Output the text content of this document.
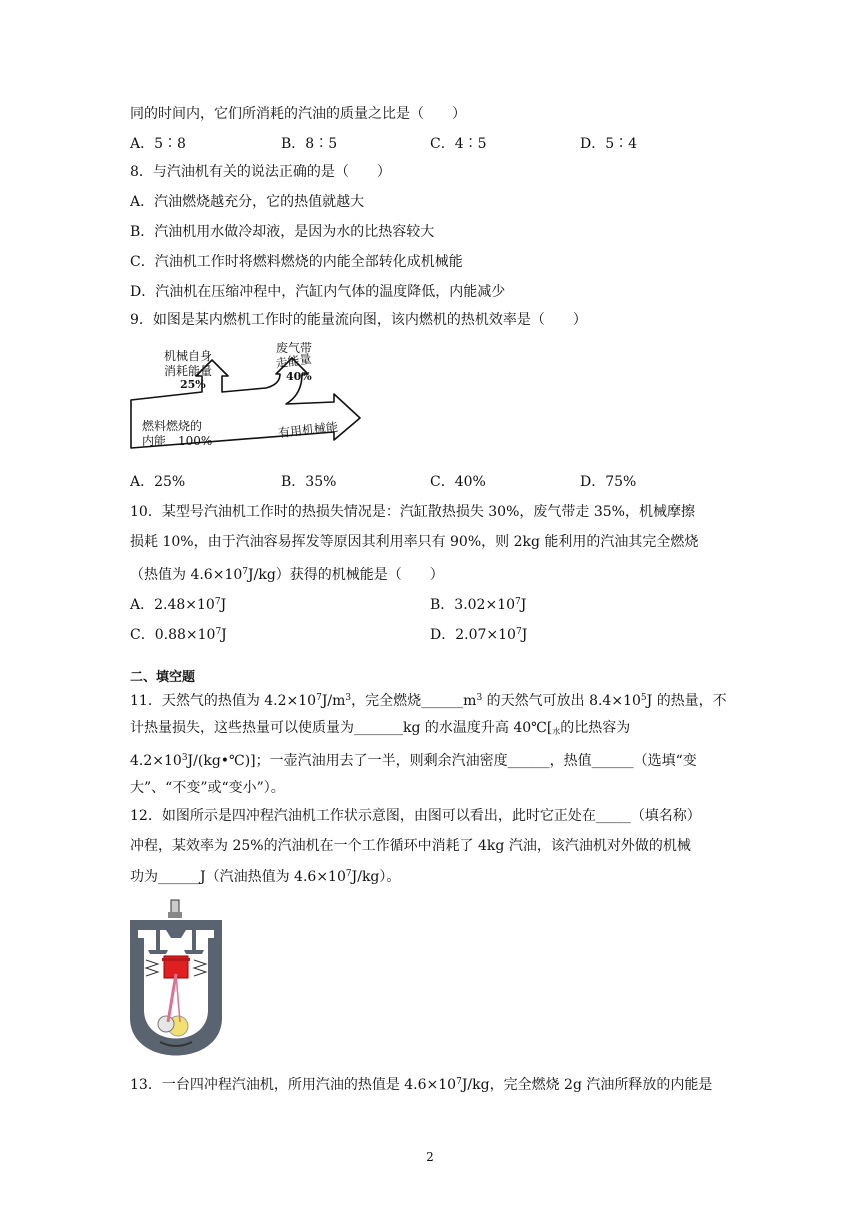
同的时间内，它们所消耗的汽油的质量之比是（　　）
A．5∶8	B．8∶5	C．4∶5	D．5∶4
8．与汽油机有关的说法正确的是（　　）
A．汽油燃烧越充分，它的热值就越大
B．汽油机用水做冷却液，是因为水的比热容较大
C．汽油机工作时将燃料燃烧的内能全部转化成机械能
D．汽油机在压缩冲程中，汽缸内气体的温度降低，内能减少
9．如图是某内燃机工作时的能量流向图，该内燃机的热机效率是（　　）
机械自身
消耗能量
25%
废气带
走能量
40%
燃料燃烧的
内能　100%
有用机械能
A．25%	B．35%	C．40%	D．75%
10．某型号汽油机工作时的热损失情况是：汽缸散热损失 30%，废气带走 35%，机械摩擦
损耗 10%，由于汽油容易挥发等原因其利用率只有 90%，则 2kg 能利用的汽油其完全燃烧
（热值为 $4.6\times 10^7J/kg$）获得的机械能是（　　）
A．$2.48\times 10^7J$	B．$3.02\times 10^7J$
C．$0.88\times 10^7J$	D．$2.07\times 10^7J$
二、填空题
11．天然气的热值为 $4.2\times 10^7J/m^3$，完全燃烧$\_\_\_\_\_\_m^3$ 的天然气可放出 $8.4\times 10^5J$ 的热量，不
计热量损失，这些热量可以使质量为_______kg 的水温度升高 $40℃[_水$的比热容为
$4.2\times 10^3J/(kg•℃)$]；一壶汽油用去了一半，则剩余汽油密度______，热值______（选填“变
大”、“不变”或“变小”）。
12．如图所示是四冲程汽油机工作状示意图，由图可以看出，此时它正处在_____（填名称）
冲程，某效率为 25%的汽油机在一个工作循环中消耗了 4kg 汽油，该汽油机对外做的机械
功为______J（汽油热值为 $4.6\times 10^7J/kg$）。
13．一台四冲程汽油机，所用汽油的热值是 $4.6\times 10^7J/kg$，完全燃烧 2g 汽油所释放的内能是
2
